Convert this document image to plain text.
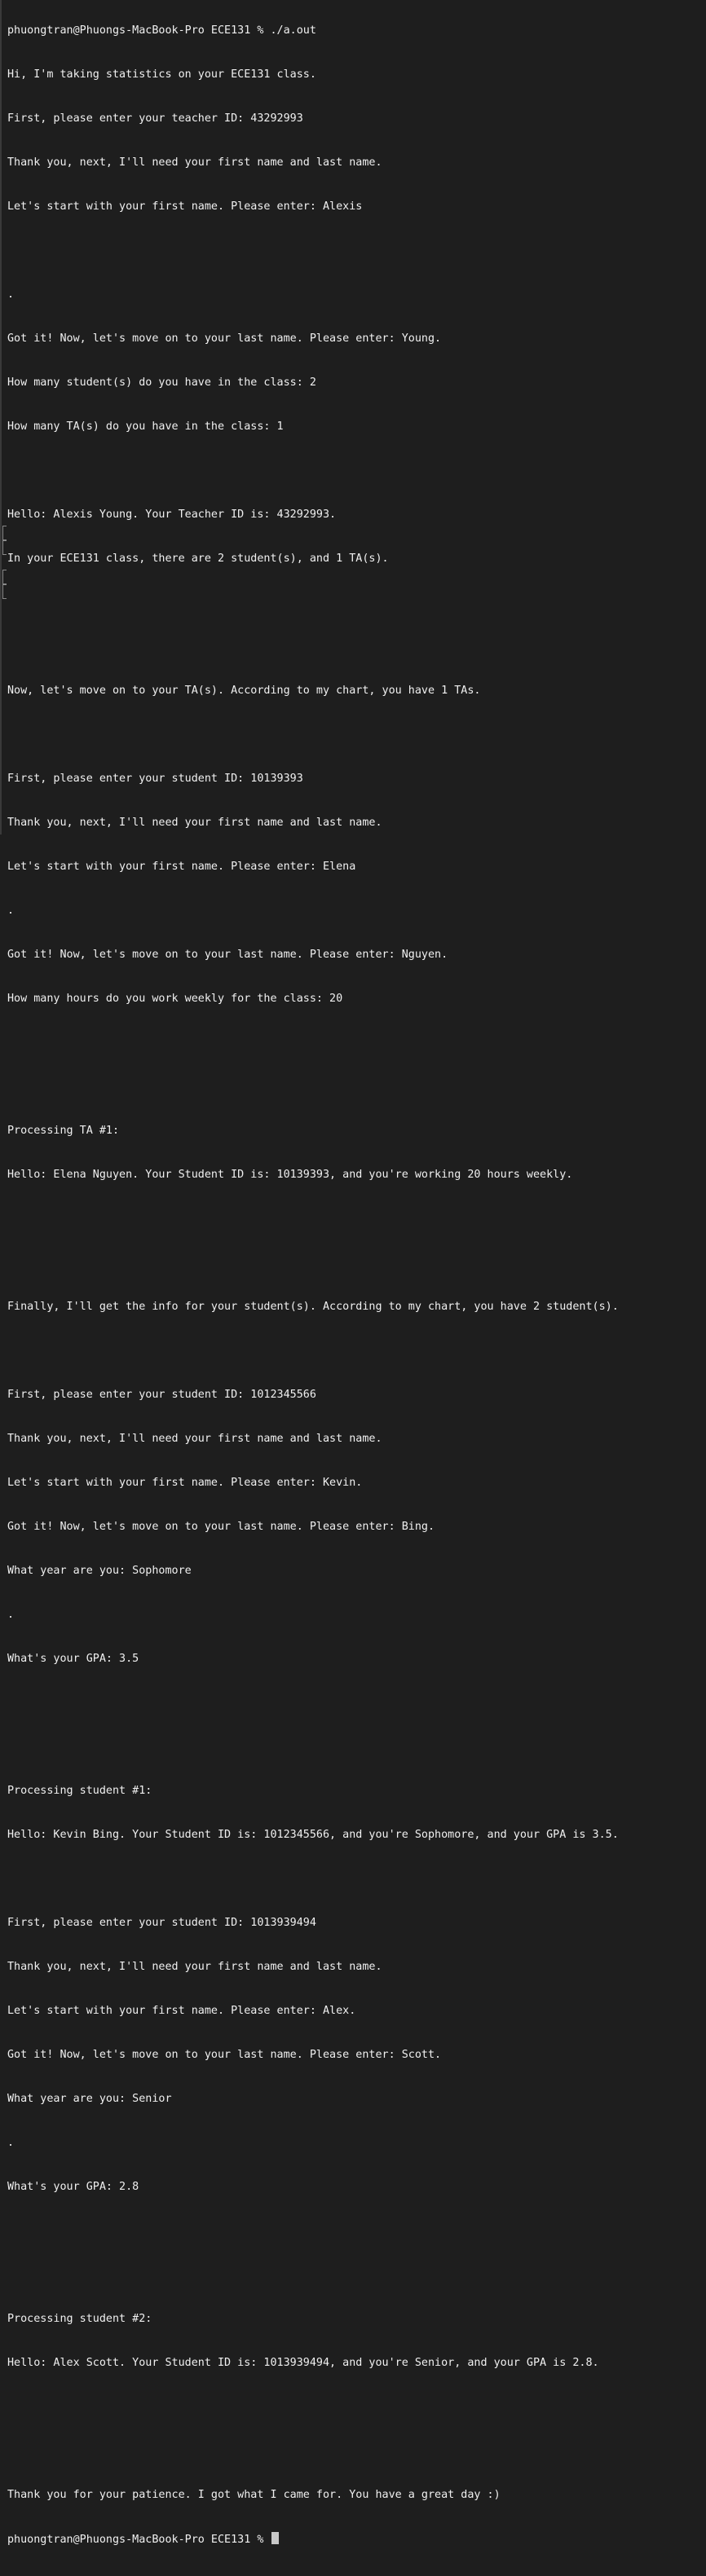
phuongtran@Phuongs-MacBook-Pro ECE131 % ./a.out

Hi, I'm taking statistics on your ECE131 class.

First, please enter your teacher ID: 43292993

Thank you, next, I'll need your first name and last name.

Let's start with your first name. Please enter: Alexis

.

Got it! Now, let's move on to your last name. Please enter: Young.

How many student(s) do you have in the class: 2

How many TA(s) do you have in the class: 1

Hello: Alexis Young. Your Teacher ID is: 43292993.

In your ECE131 class, there are 2 student(s), and 1 TA(s).

Now, let's move on to your TA(s). According to my chart, you have 1 TAs.

First, please enter your student ID: 10139393

Thank you, next, I'll need your first name and last name.

Let's start with your first name. Please enter: Elena

.

Got it! Now, let's move on to your last name. Please enter: Nguyen.

How many hours do you work weekly for the class: 20

Processing TA #1:

Hello: Elena Nguyen. Your Student ID is: 10139393, and you're working 20 hours weekly.

Finally, I'll get the info for your student(s). According to my chart, you have 2 student(s).

First, please enter your student ID: 1012345566

Thank you, next, I'll need your first name and last name.

Let's start with your first name. Please enter: Kevin.

Got it! Now, let's move on to your last name. Please enter: Bing.

What year are you: Sophomore

.

What's your GPA: 3.5

Processing student #1:

Hello: Kevin Bing. Your Student ID is: 1012345566, and you're Sophomore, and your GPA is 3.5.

First, please enter your student ID: 1013939494

Thank you, next, I'll need your first name and last name.

Let's start with your first name. Please enter: Alex.

Got it! Now, let's move on to your last name. Please enter: Scott.

What year are you: Senior

.

What's your GPA: 2.8

Processing student #2:

Hello: Alex Scott. Your Student ID is: 1013939494, and you're Senior, and your GPA is 2.8.

Thank you for your patience. I got what I came for. You have a great day :)

phuongtran@Phuongs-MacBook-Pro ECE131 %
